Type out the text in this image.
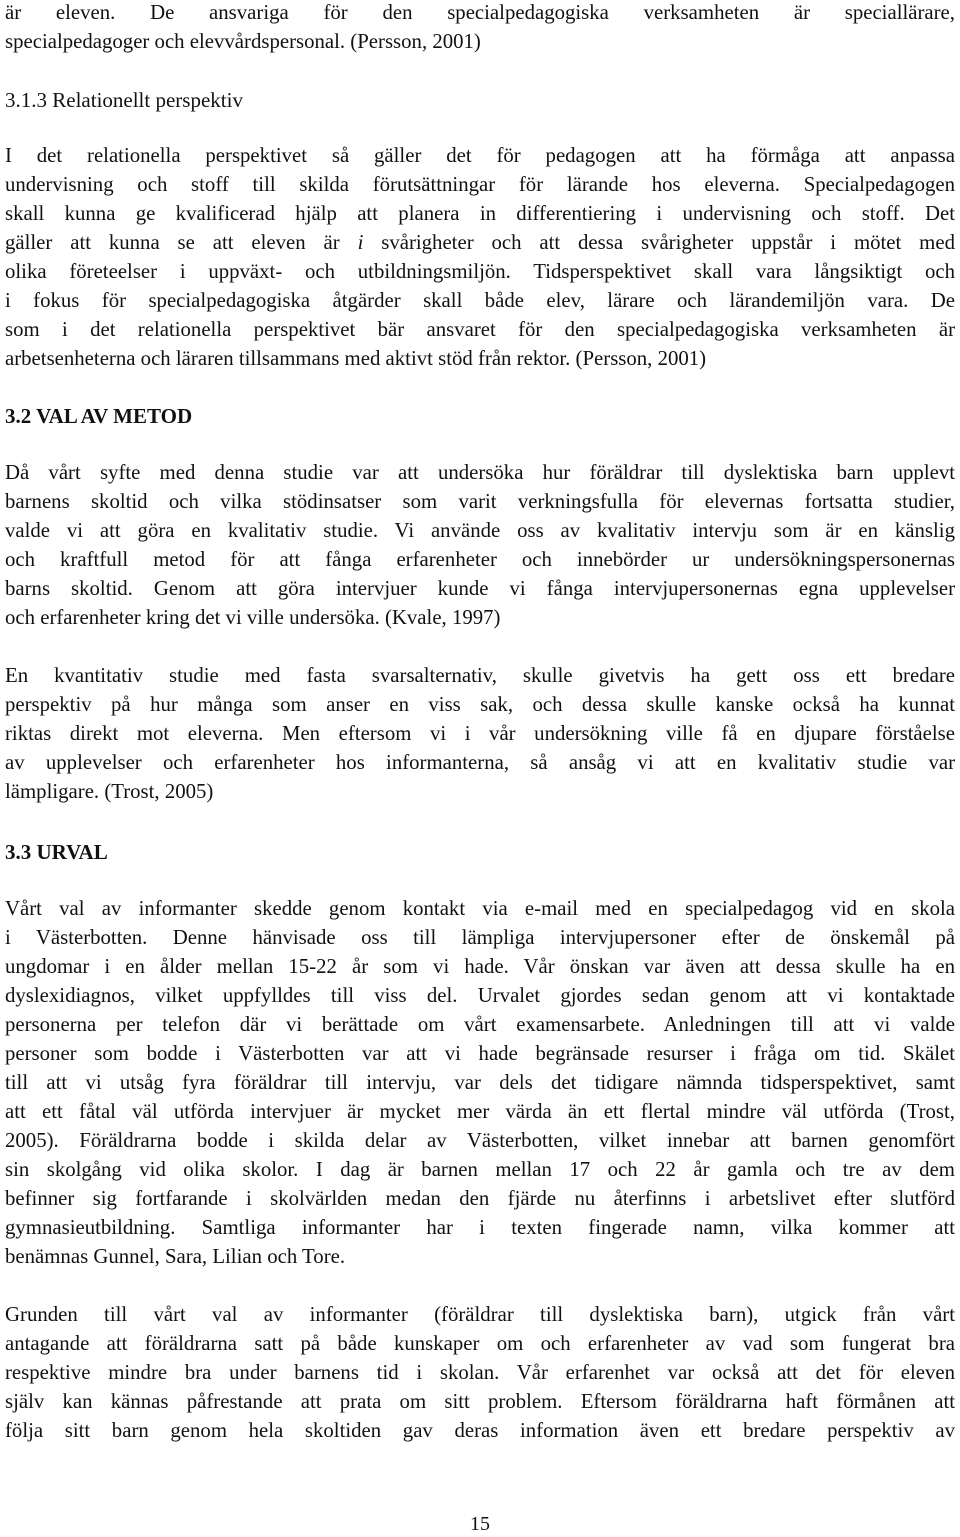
är eleven. De ansvariga för den specialpedagogiska verksamheten är speciallärare,
specialpedagoger och elevvårdspersonal. (Persson, 2001)
3.1.3 Relationellt perspektiv
I det relationella perspektivet så gäller det för pedagogen att ha förmåga att anpassa
undervisning och stoff till skilda förutsättningar för lärande hos eleverna. Specialpedagogen
skall kunna ge kvalificerad hjälp att planera in differentiering i undervisning och stoff. Det
gäller att kunna se att eleven är i svårigheter och att dessa svårigheter uppstår i mötet med
olika företeelser i uppväxt- och utbildningsmiljön. Tidsperspektivet skall vara långsiktigt och
i fokus för specialpedagogiska åtgärder skall både elev, lärare och lärandemiljön vara. De
som i det relationella perspektivet bär ansvaret för den specialpedagogiska verksamheten är
arbetsenheterna och läraren tillsammans med aktivt stöd från rektor. (Persson, 2001)
3.2 VAL AV METOD
Då vårt syfte med denna studie var att undersöka hur föräldrar till dyslektiska barn upplevt
barnens skoltid och vilka stödinsatser som varit verkningsfulla för elevernas fortsatta studier,
valde vi att göra en kvalitativ studie. Vi använde oss av kvalitativ intervju som är en känslig
och kraftfull metod för att fånga erfarenheter och innebörder ur undersökningspersonernas
barns skoltid. Genom att göra intervjuer kunde vi fånga intervjupersonernas egna upplevelser
och erfarenheter kring det vi ville undersöka. (Kvale, 1997)
En kvantitativ studie med fasta svarsalternativ, skulle givetvis ha gett oss ett bredare
perspektiv på hur många som anser en viss sak, och dessa skulle kanske också ha kunnat
riktas direkt mot eleverna. Men eftersom vi i vår undersökning ville få en djupare förståelse
av upplevelser och erfarenheter hos informanterna, så ansåg vi att en kvalitativ studie var
lämpligare. (Trost, 2005)
3.3 URVAL
Vårt val av informanter skedde genom kontakt via e-mail med en specialpedagog vid en skola
i Västerbotten. Denne hänvisade oss till lämpliga intervjupersoner efter de önskemål på
ungdomar i en ålder mellan 15-22 år som vi hade. Vår önskan var även att dessa skulle ha en
dyslexidiagnos, vilket uppfylldes till viss del. Urvalet gjordes sedan genom att vi kontaktade
personerna per telefon där vi berättade om vårt examensarbete. Anledningen till att vi valde
personer som bodde i Västerbotten var att vi hade begränsade resurser i fråga om tid. Skälet
till att vi utsåg fyra föräldrar till intervju, var dels det tidigare nämnda tidsperspektivet, samt
att ett fåtal väl utförda intervjuer är mycket mer värda än ett flertal mindre väl utförda (Trost,
2005). Föräldrarna bodde i skilda delar av Västerbotten, vilket innebar att barnen genomfört
sin skolgång vid olika skolor. I dag är barnen mellan 17 och 22 år gamla och tre av dem
befinner sig fortfarande i skolvärlden medan den fjärde nu återfinns i arbetslivet efter slutförd
gymnasieutbildning. Samtliga informanter har i texten fingerade namn, vilka kommer att
benämnas Gunnel, Sara, Lilian och Tore.
Grunden till vårt val av informanter (föräldrar till dyslektiska barn), utgick från vårt
antagande att föräldrarna satt på både kunskaper om och erfarenheter av vad som fungerat bra
respektive mindre bra under barnens tid i skolan. Vår erfarenhet var också att det för eleven
själv kan kännas påfrestande att prata om sitt problem. Eftersom föräldrarna haft förmånen att
följa sitt barn genom hela skoltiden gav deras information även ett bredare perspektiv av
15
